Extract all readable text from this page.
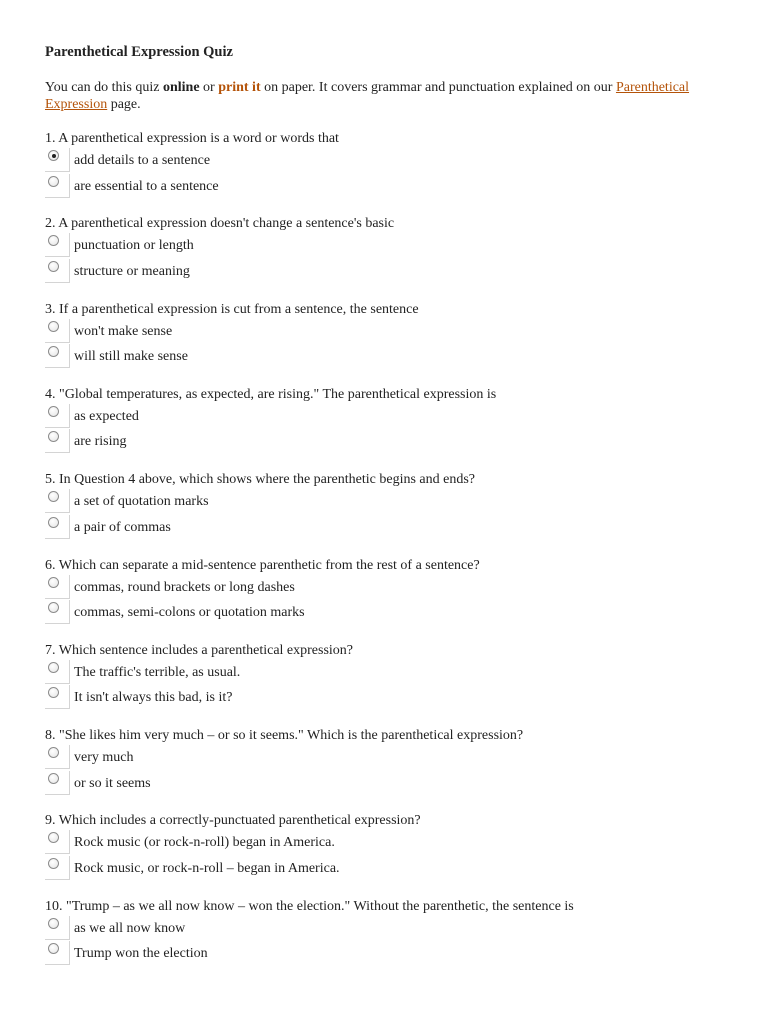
Parenthetical Expression Quiz
You can do this quiz online or print it on paper. It covers grammar and punctuation explained on our Parenthetical Expression page.
1. A parenthetical expression is a word or words that
add details to a sentence
are essential to a sentence
2. A parenthetical expression doesn't change a sentence's basic
punctuation or length
structure or meaning
3. If a parenthetical expression is cut from a sentence, the sentence
won't make sense
will still make sense
4. "Global temperatures, as expected, are rising." The parenthetical expression is
as expected
are rising
5. In Question 4 above, which shows where the parenthetic begins and ends?
a set of quotation marks
a pair of commas
6. Which can separate a mid-sentence parenthetic from the rest of a sentence?
commas, round brackets or long dashes
commas, semi-colons or quotation marks
7. Which sentence includes a parenthetical expression?
The traffic's terrible, as usual.
It isn't always this bad, is it?
8. "She likes him very much – or so it seems." Which is the parenthetical expression?
very much
or so it seems
9. Which includes a correctly-punctuated parenthetical expression?
Rock music (or rock-n-roll) began in America.
Rock music, or rock-n-roll – began in America.
10. "Trump – as we all now know – won the election." Without the parenthetic, the sentence is
as we all now know
Trump won the election
